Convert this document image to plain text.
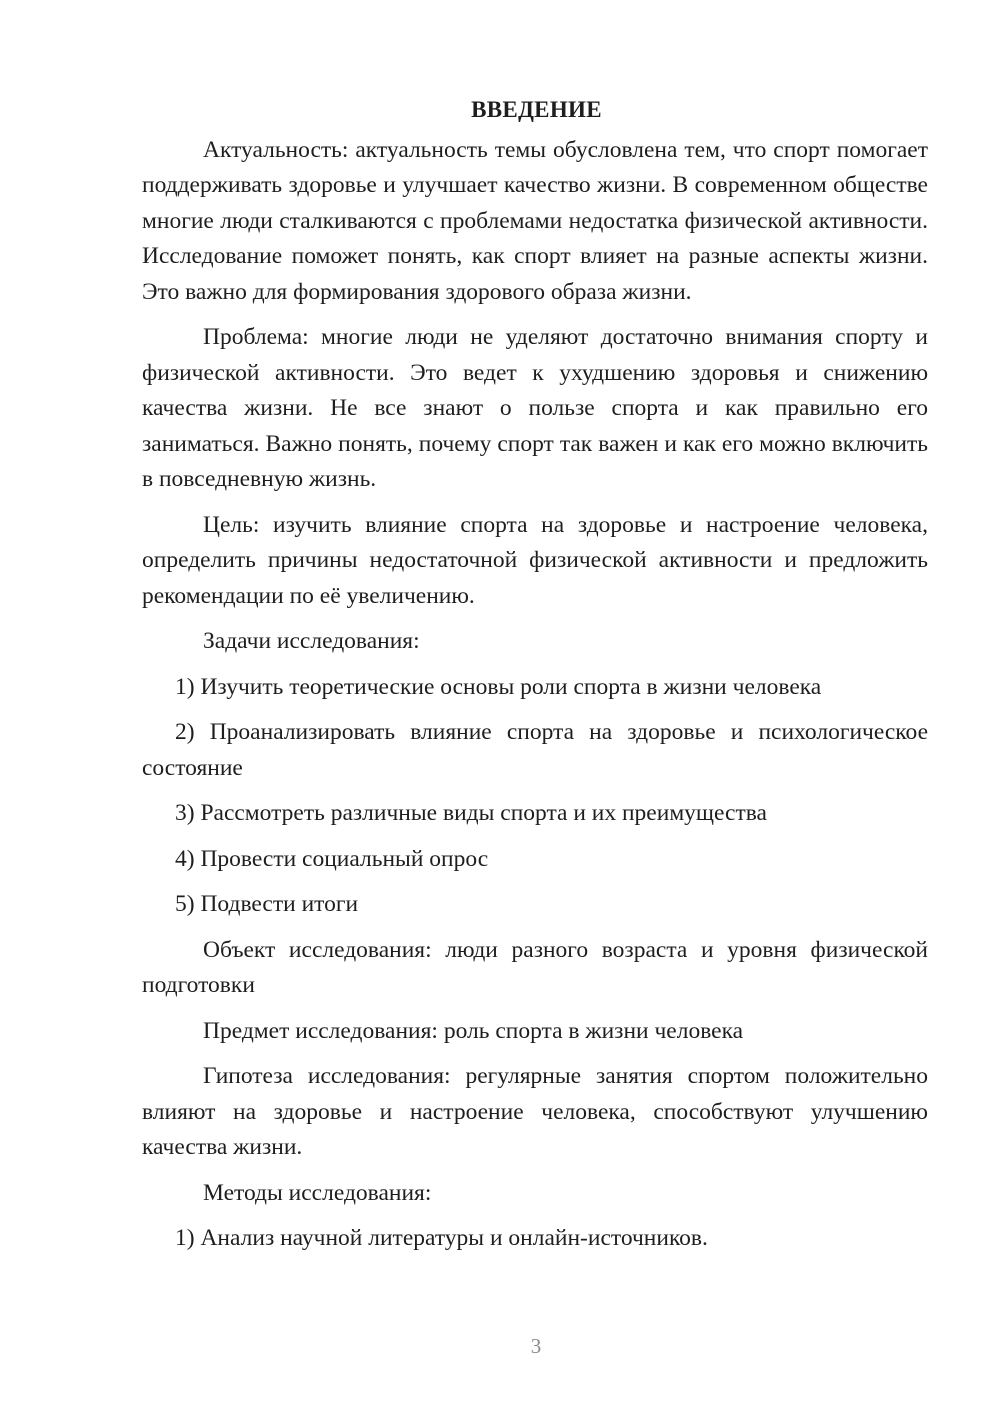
ВВЕДЕНИЕ

Актуальность: актуальность темы обусловлена тем, что спорт помогает поддерживать здоровье и улучшает качество жизни. В современном обществе многие люди сталкиваются с проблемами недостатка физической активности. Исследование поможет понять, как спорт влияет на разные аспекты жизни. Это важно для формирования здорового образа жизни.

Проблема: многие люди не уделяют достаточно внимания спорту и физической активности. Это ведет к ухудшению здоровья и снижению качества жизни. Не все знают о пользе спорта и как правильно его заниматься. Важно понять, почему спорт так важен и как его можно включить в повседневную жизнь.

Цель: изучить влияние спорта на здоровье и настроение человека, определить причины недостаточной физической активности и предложить рекомендации по её увеличению.

Задачи исследования:

1) Изучить теоретические основы роли спорта в жизни человека

2) Проанализировать влияние спорта на здоровье и психологическое состояние

3) Рассмотреть различные виды спорта и их преимущества

4) Провести социальный опрос

5) Подвести итоги

Объект исследования: люди разного возраста и уровня физической подготовки

Предмет исследования: роль спорта в жизни человека

Гипотеза исследования: регулярные занятия спортом положительно влияют на здоровье и настроение человека, способствуют улучшению качества жизни.

Методы исследования:

1) Анализ научной литературы и онлайн-источников.

3
